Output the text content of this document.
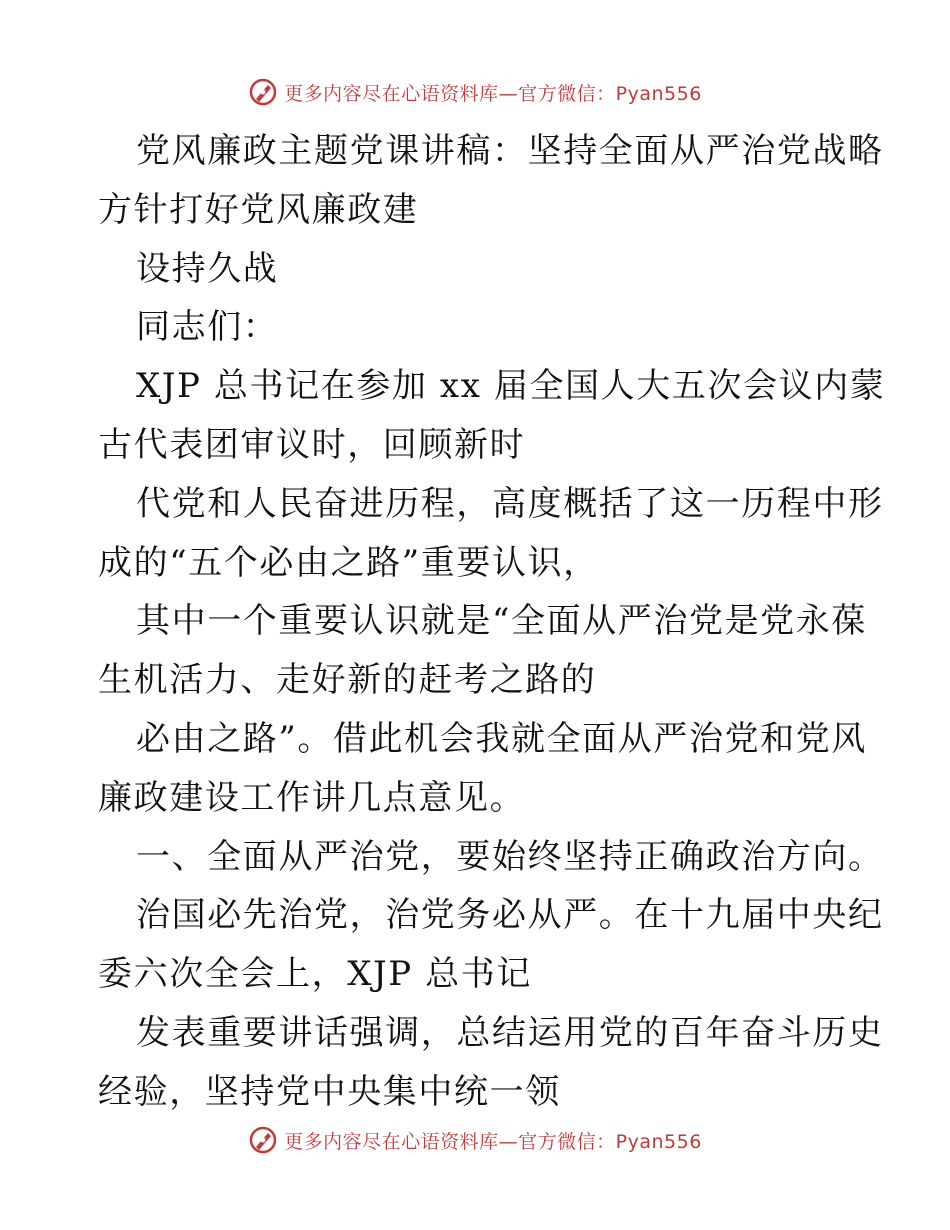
更多内容尽在心语资料库—官方微信：Pyan556
党风廉政主题党课讲稿：坚持全面从严治党战略
方针打好党风廉政建
设持久战
同志们：
XJP 总书记在参加 xx 届全国人大五次会议内蒙
古代表团审议时，回顾新时
代党和人民奋进历程，高度概括了这一历程中形
成的“五个必由之路”重要认识，
其中一个重要认识就是“全面从严治党是党永葆
生机活力、走好新的赶考之路的
必由之路”。借此机会我就全面从严治党和党风
廉政建设工作讲几点意见。
一、全面从严治党，要始终坚持正确政治方向。
治国必先治党，治党务必从严。在十九届中央纪
委六次全会上，XJP 总书记
发表重要讲话强调，总结运用党的百年奋斗历史
经验，坚持党中央集中统一领
更多内容尽在心语资料库—官方微信：Pyan556
